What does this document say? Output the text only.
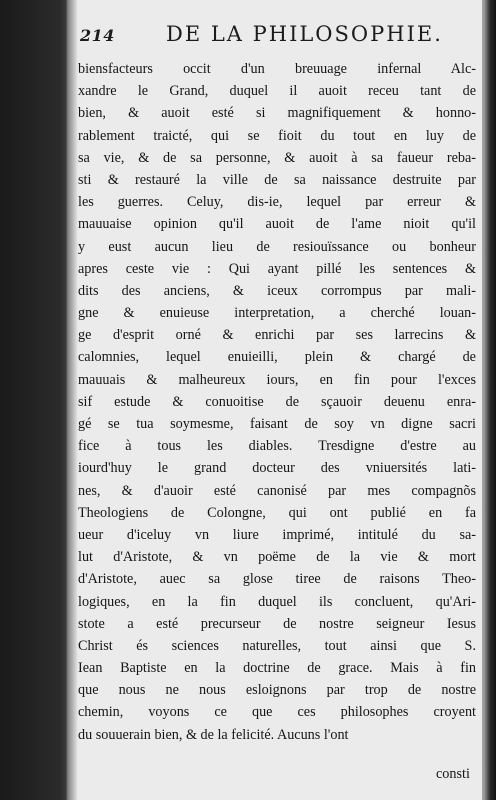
214 DE LA PHILOSOPHIE.
biensfacteurs occit d'un breuuage infernal Alc-
xandre le Grand, duquel il auoit receu tant de
bien, & auoit esté si magnifiquement & honno-
rablement traicté, qui se fioit du tout en luy de
sa vie, & de sa personne, & auoit à sa faueur reba-
sti & restauré la ville de sa naissance destruite par
les guerres. Celuy, dis-ie, lequel par erreur &
mauuaise opinion qu'il auoit de l'ame nioit qu'il
y eust aucun lieu de resiouïssance ou bonheur
apres ceste vie : Qui ayant pillé les sentences &
dits des anciens, & iceux corrompus par mali-
gne & enuieuse interpretation, a cherché louan-
ge d'esprit orné & enrichi par ses larrecins &
calomnies, lequel enuieilli, plein & chargé de
mauuais & malheureux iours, en fin pour l'exces
sif estude & conuoitise de sçauoir deuenu enra-
gé se tua soymesme, faisant de soy vn digne sacri
fice à tous les diables. Tresdigne d'estre au
iourd'huy le grand docteur des vniuersités lati-
nes, & d'auoir esté canonisé par mes compagnõs
Theologiens de Colongne, qui ont publié en fa
ueur d'iceluy vn liure imprimé, intitulé du sa-
lut d'Aristote, & vn poëme de la vie & mort
d'Aristote, auec sa glose tiree de raisons Theo-
logiques, en la fin duquel ils concluent, qu'Ari-
stote a esté precurseur de nostre seigneur Iesus
Christ és sciences naturelles, tout ainsi que S.
Iean Baptiste en la doctrine de grace. Mais à fin
que nous ne nous esloignons par trop de nostre
chemin, voyons ce que ces philosophes croyent
du souuerain bien, & de la felicité. Aucuns l'ont
consti
